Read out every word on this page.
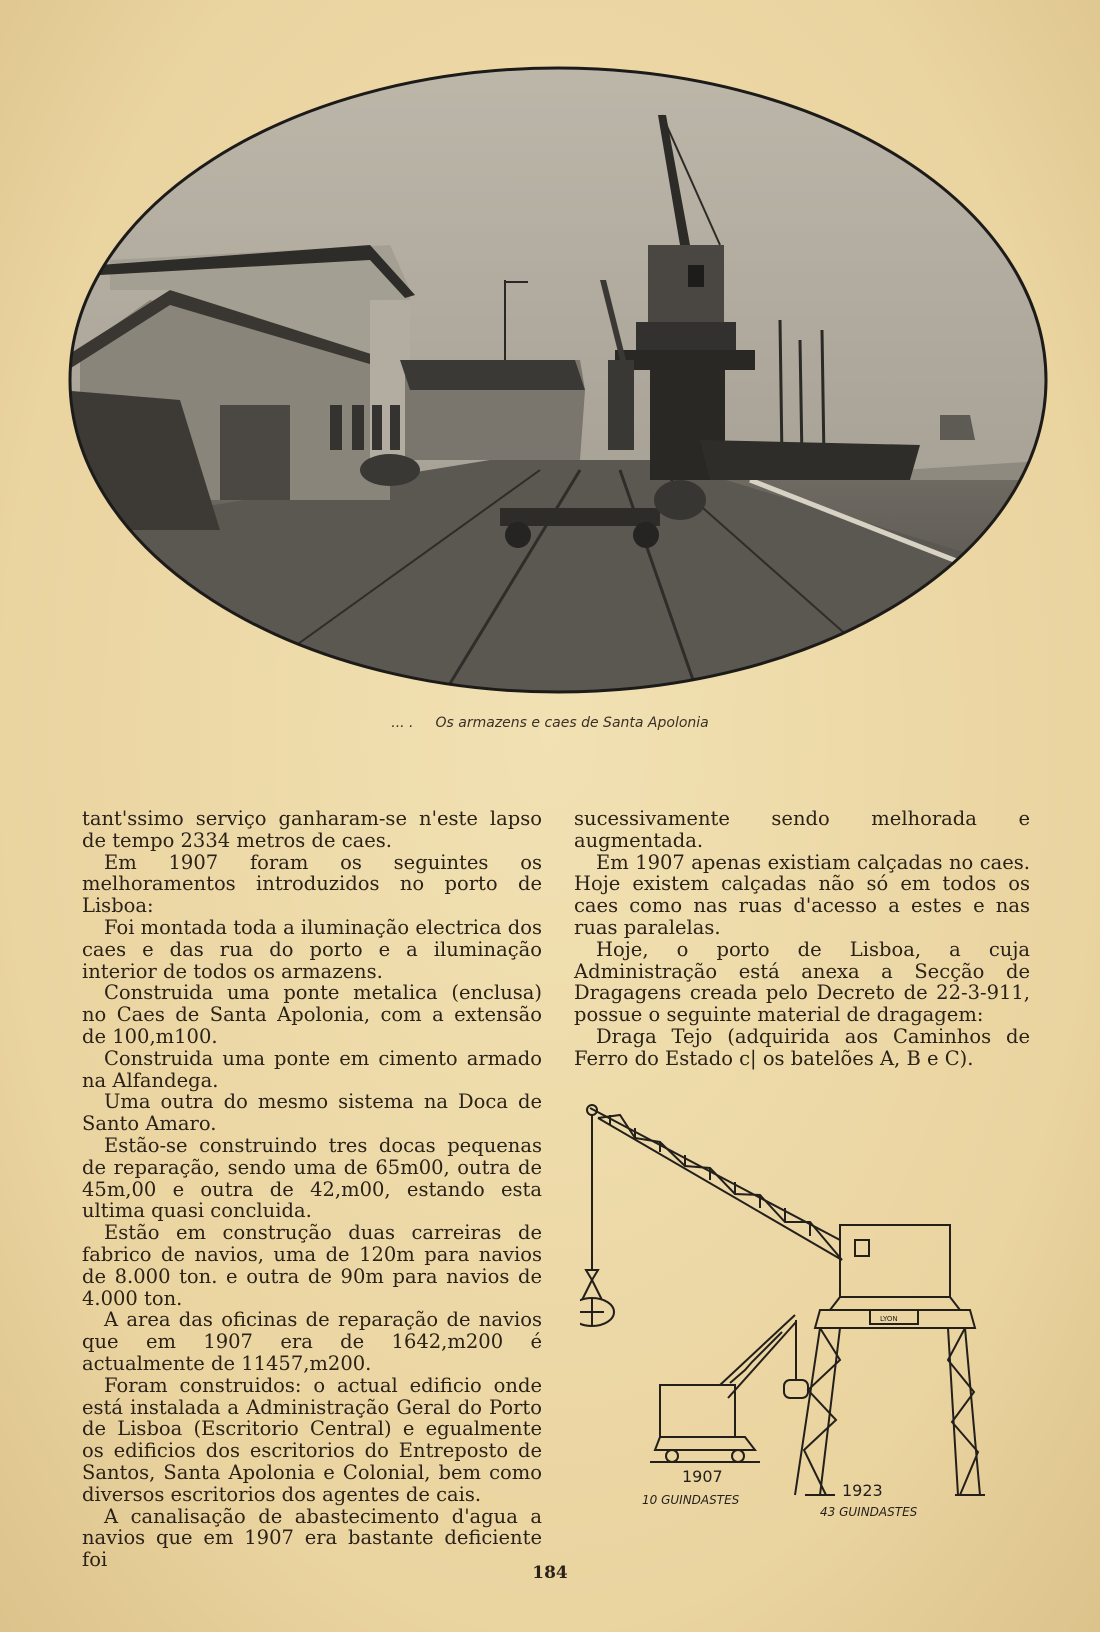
... . Os armazens e caes de Santa Apolonia

tant'ssimo serviço ganharam-se n'este lapso de tempo 2334 metros de caes.

Em 1907 foram os seguintes os melhoramentos introduzidos no porto de Lisboa:

Foi montada toda a iluminação electrica dos caes e das rua do porto e a iluminação interior de todos os armazens.

Construida uma ponte metalica (enclusa) no Caes de Santa Apolonia, com a extensão de 100,m100.

Construida uma ponte em cimento armado na Alfandega.

Uma outra do mesmo sistema na Doca de Santo Amaro.

Estão-se construindo tres docas pequenas de reparação, sendo uma de 65m00, outra de 45m,00 e outra de 42,m00, estando esta ultima quasi concluida.

Estão em construção duas carreiras de fabrico de navios, uma de 120m para navios de 8.000 ton. e outra de 90m para navios de 4.000 ton.

A area das oficinas de reparação de navios que em 1907 era de 1642,m200 é actualmente de 11457,m200.

Foram construidos: o actual edificio onde está instalada a Administração Geral do Porto de Lisboa (Escritorio Central) e egualmente os edificios dos escritorios do Entreposto de Santos, Santa Apolonia e Colonial, bem como diversos escritorios dos agentes de cais.

A canalisação de abastecimento d'agua a navios que em 1907 era bastante deficiente foi

sucessivamente sendo melhorada e augmentada.

Em 1907 apenas existiam calçadas no caes. Hoje existem calçadas não só em todos os caes como nas ruas d'acesso a estes e nas ruas paralelas.

Hoje, o porto de Lisboa, a cuja Administração está anexa a Secção de Dragagens creada pelo Decreto de 22-3-911, possue o seguinte material de dragagem:

Draga Tejo (adquirida aos Caminhos de Ferro do Estado c| os batelões A, B e C).

LYON
1907
10 GUINDASTES	1923
43 GUINDASTES
184
